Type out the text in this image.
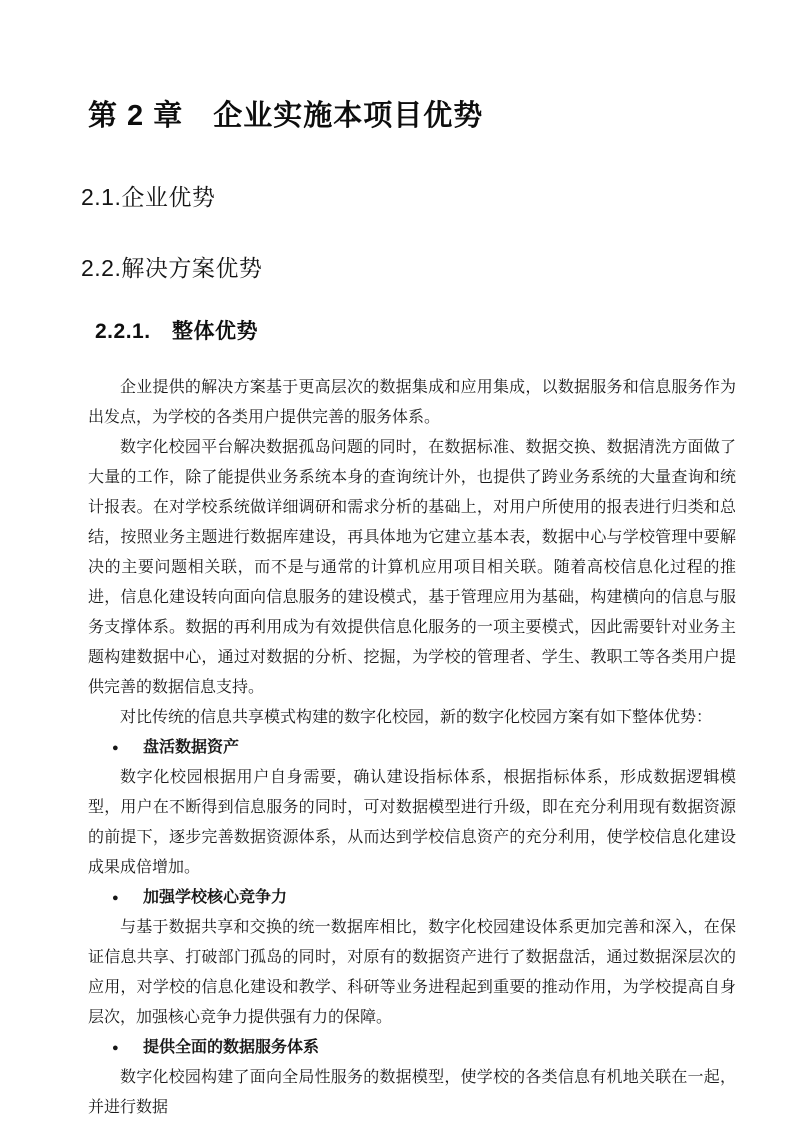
第 2 章　企业实施本项目优势
2.1.企业优势
2.2.解决方案优势
2.2.1.　整体优势

企业提供的解决方案基于更高层次的数据集成和应用集成，以数据服务和信息服务作为出发点，为学校的各类用户提供完善的服务体系。

数字化校园平台解决数据孤岛问题的同时，在数据标准、数据交换、数据清洗方面做了大量的工作，除了能提供业务系统本身的查询统计外，也提供了跨业务系统的大量查询和统计报表。在对学校系统做详细调研和需求分析的基础上，对用户所使用的报表进行归类和总结，按照业务主题进行数据库建设，再具体地为它建立基本表，数据中心与学校管理中要解决的主要问题相关联，而不是与通常的计算机应用项目相关联。随着高校信息化过程的推进，信息化建设转向面向信息服务的建设模式，基于管理应用为基础，构建横向的信息与服务支撑体系。数据的再利用成为有效提供信息化服务的一项主要模式，因此需要针对业务主题构建数据中心，通过对数据的分析、挖掘，为学校的管理者、学生、教职工等各类用户提供完善的数据信息支持。

对比传统的信息共享模式构建的数字化校园，新的数字化校园方案有如下整体优势：

● 盘活数据资产

数字化校园根据用户自身需要，确认建设指标体系，根据指标体系，形成数据逻辑模型，用户在不断得到信息服务的同时，可对数据模型进行升级，即在充分利用现有数据资源的前提下，逐步完善数据资源体系，从而达到学校信息资产的充分利用，使学校信息化建设成果成倍增加。

● 加强学校核心竞争力

与基于数据共享和交换的统一数据库相比，数字化校园建设体系更加完善和深入，在保证信息共享、打破部门孤岛的同时，对原有的数据资产进行了数据盘活，通过数据深层次的应用，对学校的信息化建设和教学、科研等业务进程起到重要的推动作用，为学校提高自身层次，加强核心竞争力提供强有力的保障。

● 提供全面的数据服务体系

数字化校园构建了面向全局性服务的数据模型，使学校的各类信息有机地关联在一起，并进行数据
